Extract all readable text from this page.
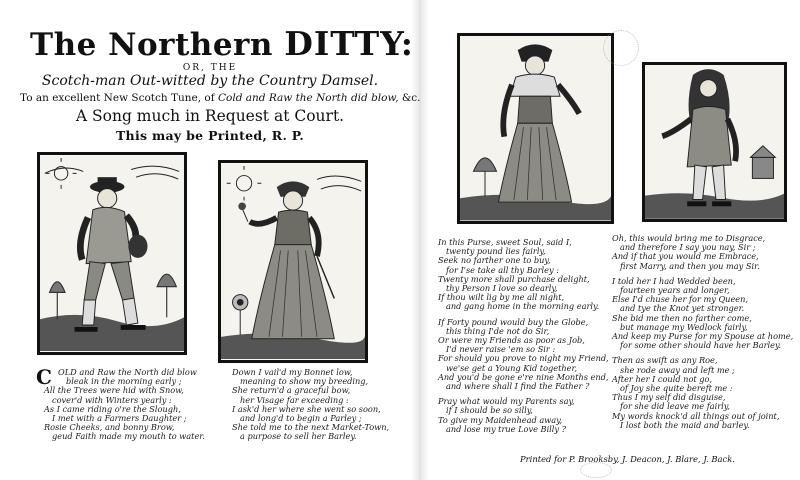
The Northern DITTY:
OR, THE
Scotch-man Out-witted by the Country Damsel.
To an excellent New Scotch Tune, of Cold and Raw the North did blow, &c.
A Song much in Request at Court.
This may be Printed, R. P.
C OLD and Raw the North did blow
bleak in the morning early ;
All the Trees were hid with Snow,
cover'd with Winters yearly :
As I came riding o're the Slough,
I met with a Farmers Daughter ;
Rosie Cheeks, and bonny Brow,
geud Faith made my mouth to water.
Down I vail'd my Bonnet low,
meaning to show my breeding,
She return'd a graceful bow,
her Visage far exceeding :
I ask'd her where she went so soon,
and long'd to begin a Parley ;
She told me to the next Market-Town,
a purpose to sell her Barley.
In this Purse, sweet Soul, said I,
twenty pound lies fairly,
Seek no farther one to buy,
for I'se take all thy Barley :
Twenty more shall purchase delight,
thy Person I love so dearly,
If thou wilt lig by me all night,
and gang home in the morning early.
If Forty pound would buy the Globe,
this thing I'de not do Sir,
Or were my Friends as poor as Job,
I'd never raise 'em so Sir :
For should you prove to night my Friend,
we'se get a Young Kid together,
And you'd be gone e're nine Months end,
and where shall I find the Father ?
Pray what would my Parents say,
if I should be so silly,
To give my Maidenhead away,
and lose my true Love Billy ?
Oh, this would bring me to Disgrace,
and therefore I say you nay, Sir ;
And if that you would me Embrace,
first Marry, and then you may Sir.
I told her I had Wedded been,
fourteen years and longer,
Else I'd chuse her for my Queen,
and tye the Knot yet stronger.
She bid me then no farther come,
but manage my Wedlock fairly,
And keep my Purse for my Spouse at home,
for some other should have her Barley.
Then as swift as any Roe,
she rode away and left me ;
After her I could not go,
of Joy she quite bereft me :
Thus I my self did disguise,
for she did leave me fairly,
My words knock'd all things out of joint,
I lost both the maid and barley.
Printed for P. Brooksby, J. Deacon, J. Blare, J. Back.
